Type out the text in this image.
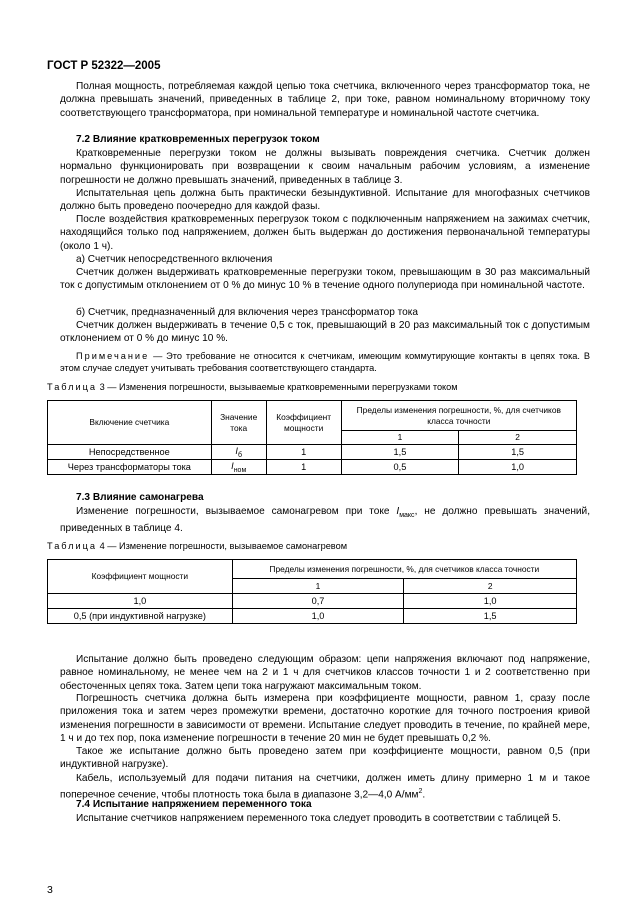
ГОСТ Р 52322—2005

Полная мощность, потребляемая каждой цепью тока счетчика, включенного через трансформатор тока, не должна превышать значений, приведенных в таблице 2, при токе, равном номинальному вторичному току соответствующего трансформатора, при номинальной температуре и номинальной частоте счетчика.

7.2 Влияние кратковременных перегрузок током

Кратковременные перегрузки током не должны вызывать повреждения счетчика. Счетчик должен нормально функционировать при возвращении к своим начальным рабочим условиям, а изменение погрешности не должно превышать значений, приведенных в таблице 3.

Испытательная цепь должна быть практически безындуктивной. Испытание для многофазных счетчиков должно быть проведено поочередно для каждой фазы.

После воздействия кратковременных перегрузок током с подключенным напряжением на зажимах счетчик, находящийся только под напряжением, должен быть выдержан до достижения первоначальной температуры (около 1 ч).

а) Счетчик непосредственного включения

Счетчик должен выдерживать кратковременные перегрузки током, превышающим в 30 раз максимальный ток с допустимым отклонением от 0 % до минус 10 % в течение одного полупериода при номинальной частоте.

б) Счетчик, предназначенный для включения через трансформатор тока

Счетчик должен выдерживать в течение 0,5 с ток, превышающий в 20 раз максимальный ток с допустимым отклонением от 0 % до минус 10 %.

Примечание — Это требование не относится к счетчикам, имеющим коммутирующие контакты в цепях тока. В этом случае следует учитывать требования соответствующего стандарта.

Таблица 3 — Изменения погрешности, вызываемые кратковременными перегрузками током
Включение счетчика	Значение тока	Коэффициент мощности	Пределы изменения погрешности, %, для счетчиков класса точности	
			1	2
Непосредственное	$I_б$	1	1,5	1,5
Через трансформаторы тока	$I_{ном}$	1	0,5	1,0
7.3 Влияние самонагрева

Изменение погрешности, вызываемое самонагревом при токе $I_{макс}$, не должно превышать значений, приведенных в таблице 4.

Таблица 4 — Изменение погрешности, вызываемое самонагревом
Коэффициент мощности	Пределы изменения погрешности, %, для счетчиков класса точности	
	1	2
1,0	0,7	1,0
0,5 (при индуктивной нагрузке)	1,0	1,5

Испытание должно быть проведено следующим образом: цепи напряжения включают под напряжение, равное номинальному, не менее чем на 2 и 1 ч для счетчиков классов точности 1 и 2 соответственно при обесточенных цепях тока. Затем цепи тока нагружают максимальным током.

Погрешность счетчика должна быть измерена при коэффициенте мощности, равном 1, сразу после приложения тока и затем через промежутки времени, достаточно короткие для точного построения кривой изменения погрешности в зависимости от времени. Испытание следует проводить в течение, по крайней мере, 1 ч и до тех пор, пока изменение погрешности в течение 20 мин не будет превышать 0,2 %.

Такое же испытание должно быть проведено затем при коэффициенте мощности, равном 0,5 (при индуктивной нагрузке).

Кабель, используемый для подачи питания на счетчики, должен иметь длину примерно 1 м и такое поперечное сечение, чтобы плотность тока была в диапазоне 3,2—4,0 $А/мм^2$.

7.4 Испытание напряжением переменного тока

Испытание счетчиков напряжением переменного тока следует проводить в соответствии с таблицей 5.

3
